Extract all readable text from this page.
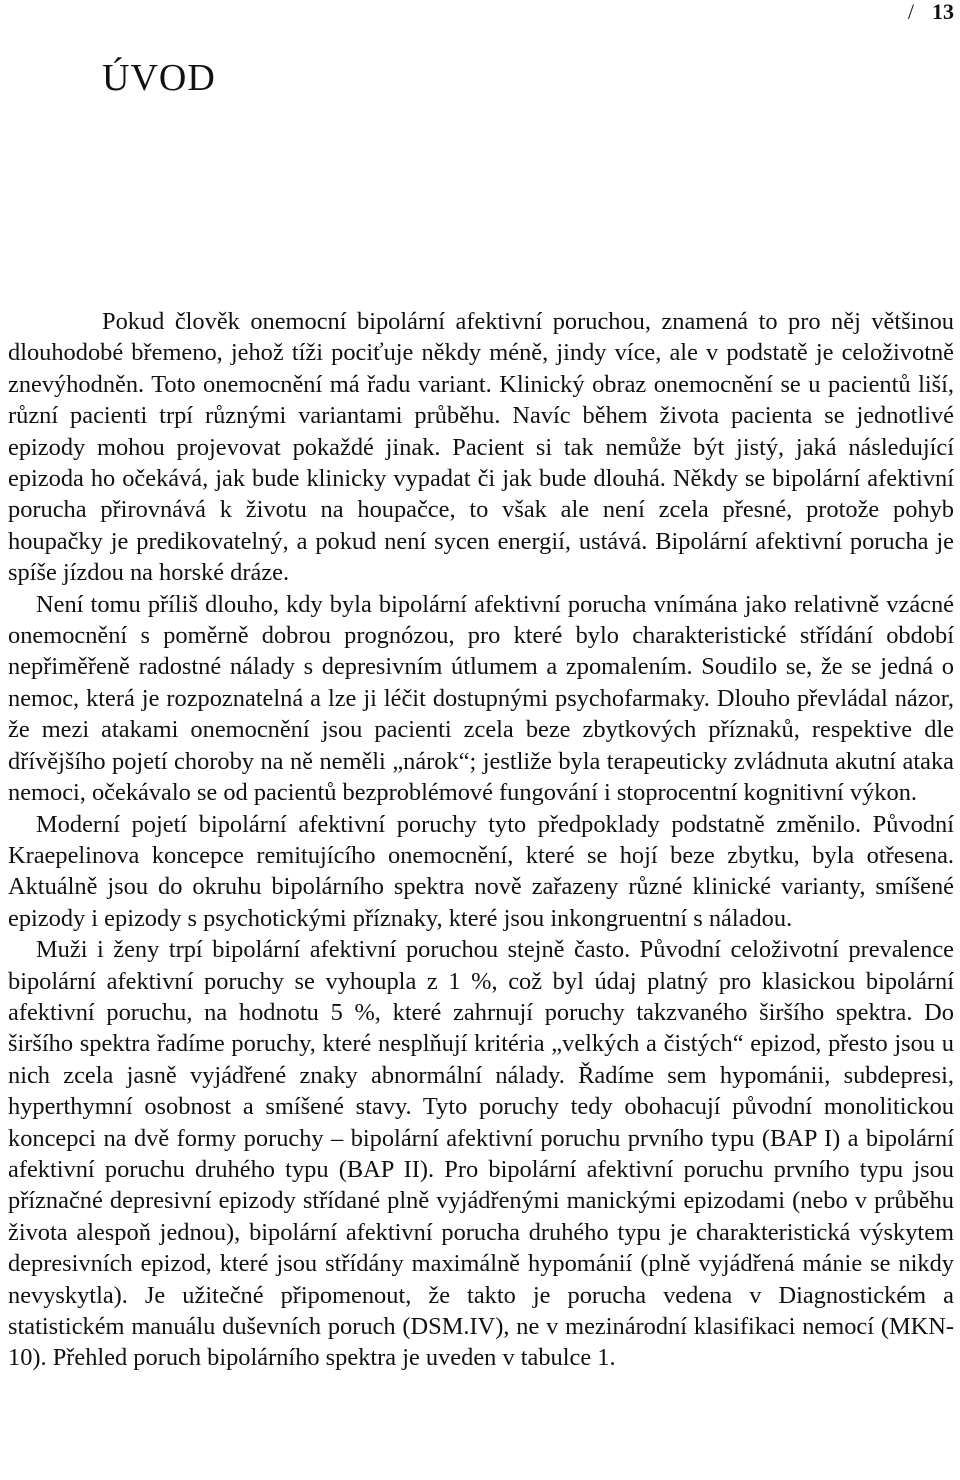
/ 13
ÚVOD

Pokud člověk onemocní bipolární afektivní poruchou, znamená to pro něj většinou dlouhodobé břemeno, jehož tíži pociťuje někdy méně, jindy více, ale v podstatě je celoživotně znevýhodněn. Toto onemocnění má řadu variant. Klinický obraz onemocnění se u pacientů liší, různí pacienti trpí různými variantami průběhu. Navíc během života pacienta se jednotlivé epizody mohou projevovat pokaždé jinak. Pacient si tak nemůže být jistý, jaká následující epizoda ho očekává, jak bude klinicky vypadat či jak bude dlouhá. Někdy se bipolární afektivní porucha přirovnává k životu na houpačce, to však ale není zcela přesné, protože pohyb houpačky je predikovatelný, a pokud není sycen energií, ustává. Bipolární afektivní porucha je spíše jízdou na horské dráze.

Není tomu příliš dlouho, kdy byla bipolární afektivní porucha vnímána jako relativně vzácné onemocnění s poměrně dobrou prognózou, pro které bylo charakteristické střídání období nepřiměřeně radostné nálady s depresivním útlumem a zpomalením. Soudilo se, že se jedná o nemoc, která je rozpoznatelná a lze ji léčit dostupnými psychofarmaky. Dlouho převládal názor, že mezi atakami onemocnění jsou pacienti zcela beze zbytkových příznaků, respektive dle dřívějšího pojetí choroby na ně neměli „nárok“; jestliže byla terapeuticky zvládnuta akutní ataka nemoci, očekávalo se od pacientů bezproblémové fungování i stoprocentní kognitivní výkon.

Moderní pojetí bipolární afektivní poruchy tyto předpoklady podstatně změnilo. Původní Kraepelinova koncepce remitujícího onemocnění, které se hojí beze zbytku, byla otřesena. Aktuálně jsou do okruhu bipolárního spektra nově zařazeny různé klinické varianty, smíšené epizody i epizody s psychotickými příznaky, které jsou inkongruentní s náladou.

Muži i ženy trpí bipolární afektivní poruchou stejně často. Původní celoživotní prevalence bipolární afektivní poruchy se vyhoupla z 1 %, což byl údaj platný pro klasickou bipolární afektivní poruchu, na hodnotu 5 %, které zahrnují poruchy takzvaného širšího spektra. Do širšího spektra řadíme poruchy, které nesplňují kritéria „velkých a čistých“ epizod, přesto jsou u nich zcela jasně vyjádřené znaky abnormální nálady. Řadíme sem hypománii, subdepresi, hyperthymní osobnost a smíšené stavy. Tyto poruchy tedy obohacují původní monolitickou koncepci na dvě formy poruchy – bipolární afektivní poruchu prvního typu (BAP I) a bipolární afektivní poruchu druhého typu (BAP II). Pro bipolární afektivní poruchu prvního typu jsou příznačné depresivní epizody střídané plně vyjádřenými manickými epizodami (nebo v průběhu života alespoň jednou), bipolární afektivní porucha druhého typu je charakteristická výskytem depresivních epizod, které jsou střídány maximálně hypománií (plně vyjádřená mánie se nikdy nevyskytla). Je užitečné připomenout, že takto je porucha vedena v Diagnostickém a statistickém manuálu duševních poruch (DSM.IV), ne v mezinárodní klasifikaci nemocí (MKN-10). Přehled poruch bipolárního spektra je uveden v tabulce 1.
